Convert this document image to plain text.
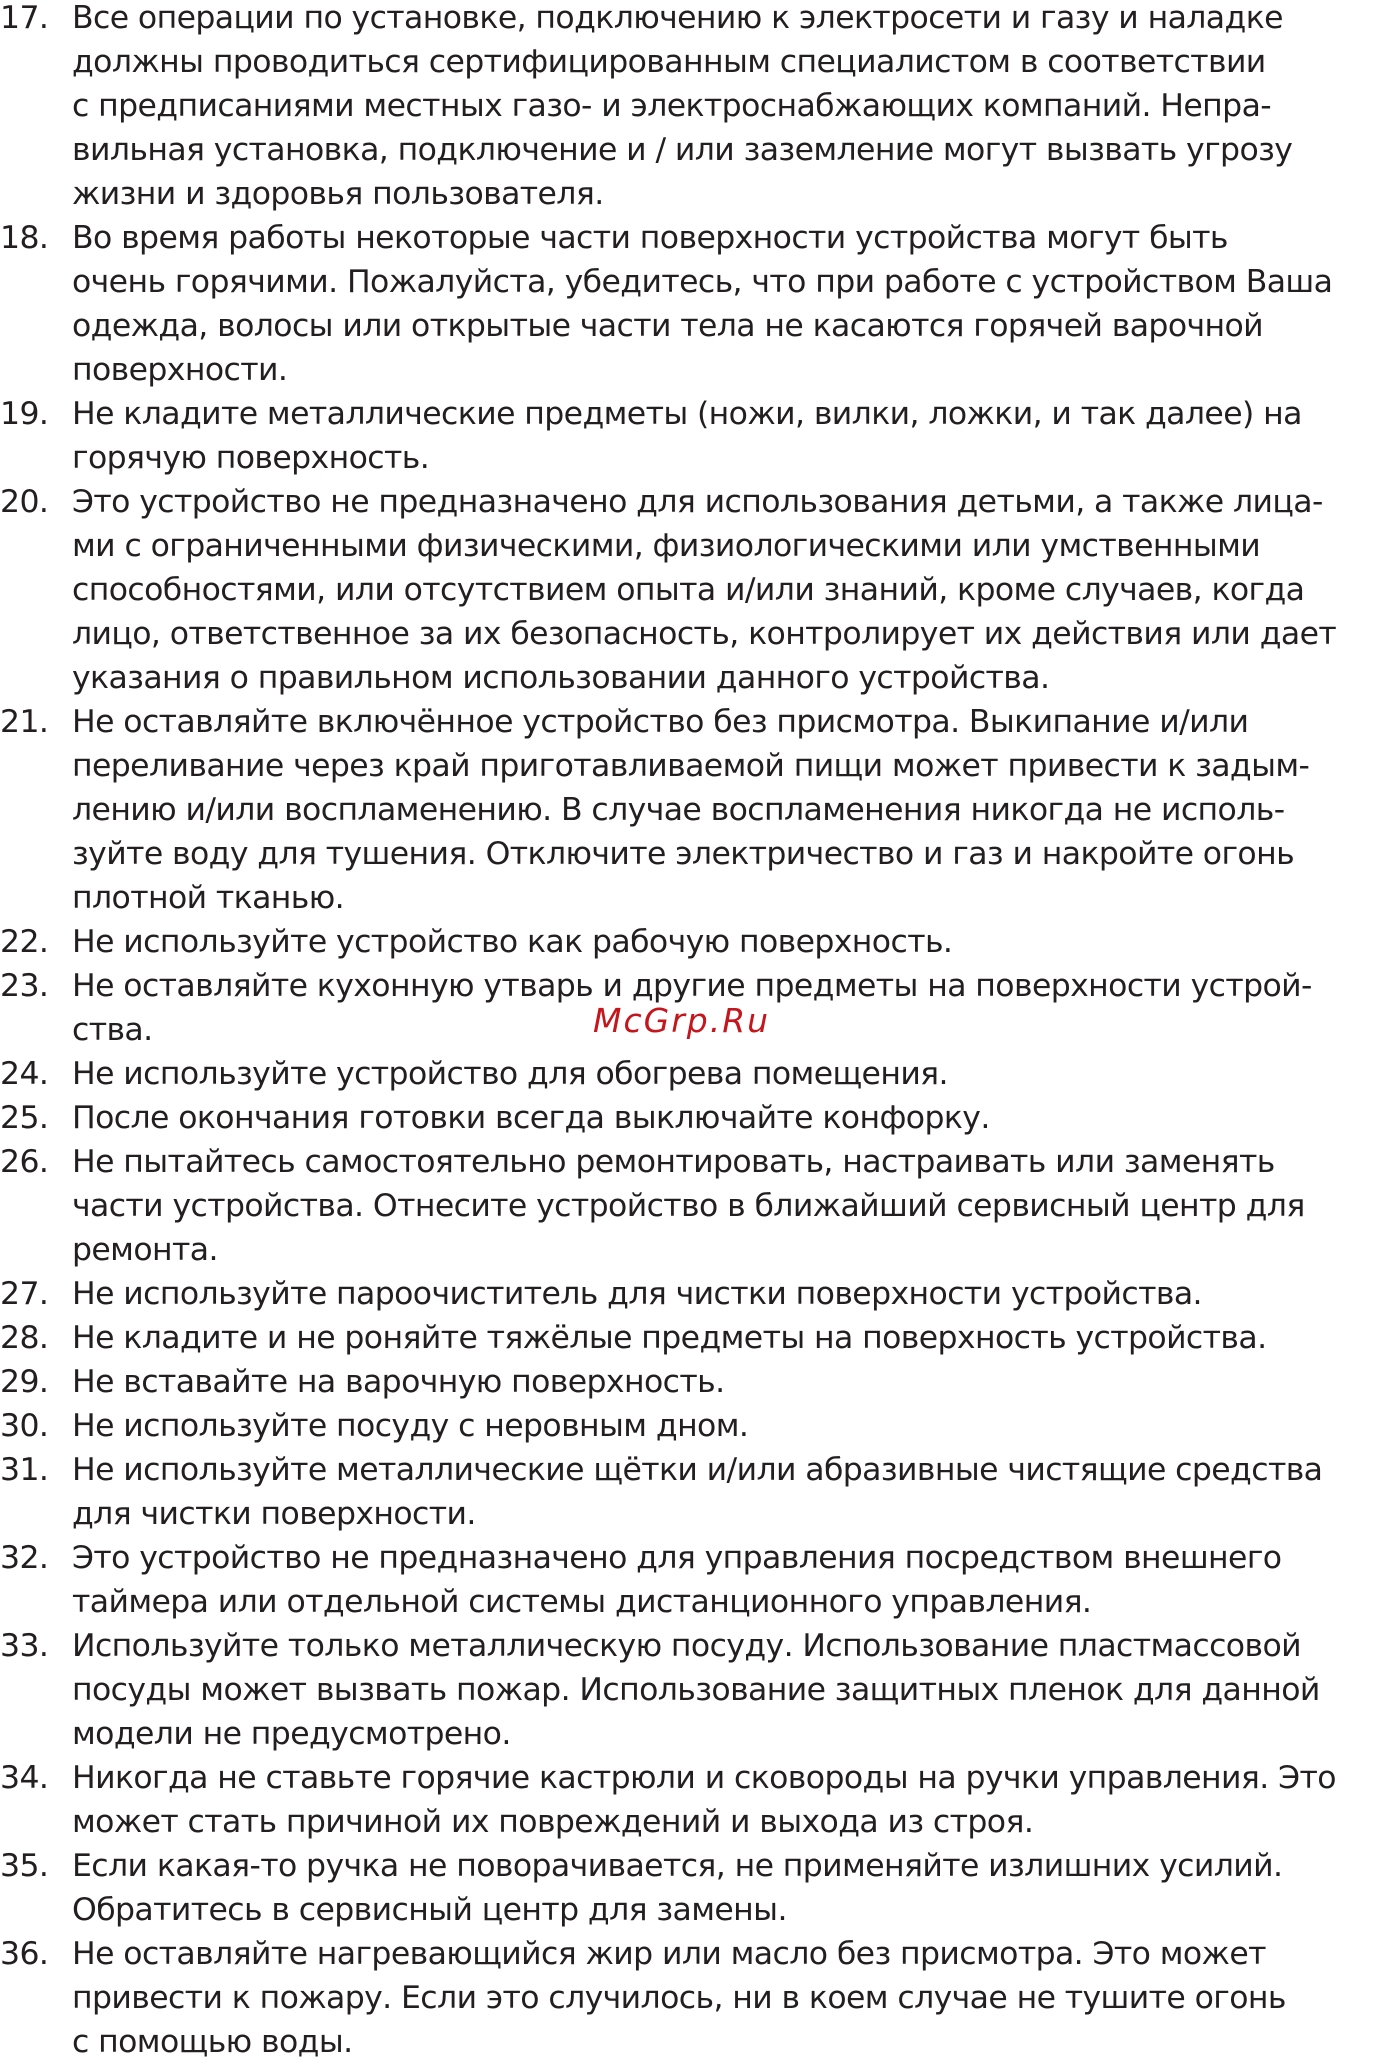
17. Все операции по установке, подключению к электросети и газу и наладке
должны проводиться сертифицированным специалистом в соответствии
с предписаниями местных газо- и электроснабжающих компаний. Непра-
вильная установка, подключение и / или заземление могут вызвать угрозу
жизни и здоровья пользователя.
18. Во время работы некоторые части поверхности устройства могут быть
очень горячими. Пожалуйста, убедитесь, что при работе с устройством Ваша
одежда, волосы или открытые части тела не касаются горячей варочной
поверхности.
19. Не кладите металлические предметы (ножи, вилки, ложки, и так далее) на
горячую поверхность.
20. Это устройство не предназначено для использования детьми, а также лица-
ми с ограниченными физическими, физиологическими или умственными
способностями, или отсутствием опыта и/или знаний, кроме случаев, когда
лицо, ответственное за их безопасность, контролирует их действия или дает
указания о правильном использовании данного устройства.
21. Не оставляйте включённое устройство без присмотра. Выкипание и/или
переливание через край приготавливаемой пищи может привести к задым-
лению и/или воспламенению. В случае воспламенения никогда не исполь-
зуйте воду для тушения. Отключите электричество и газ и накройте огонь
плотной тканью.
22. Не используйте устройство как рабочую поверхность.
23. Не оставляйте кухонную утварь и другие предметы на поверхности устрой-
ства.
24. Не используйте устройство для обогрева помещения.
25. После окончания готовки всегда выключайте конфорку.
26. Не пытайтесь самостоятельно ремонтировать, настраивать или заменять
части устройства. Отнесите устройство в ближайший сервисный центр для
ремонта.
27. Не используйте пароочиститель для чистки поверхности устройства.
28. Не кладите и не роняйте тяжёлые предметы на поверхность устройства.
29. Не вставайте на варочную поверхность.
30. Не используйте посуду с неровным дном.
31. Не используйте металлические щётки и/или абразивные чистящие средства
для чистки поверхности.
32. Это устройство не предназначено для управления посредством внешнего
таймера или отдельной системы дистанционного управления.
33. Используйте только металлическую посуду. Использование пластмассовой
посуды может вызвать пожар. Использование защитных пленок для данной
модели не предусмотрено.
34. Никогда не ставьте горячие кастрюли и сковороды на ручки управления. Это
может стать причиной их повреждений и выхода из строя.
35. Если какая-то ручка не поворачивается, не применяйте излишних усилий.
Обратитесь в сервисный центр для замены.
36. Не оставляйте нагревающийся жир или масло без присмотра. Это может
привести к пожару. Если это случилось, ни в коем случае не тушите огонь
с помощью воды.
McGrp.Ru
